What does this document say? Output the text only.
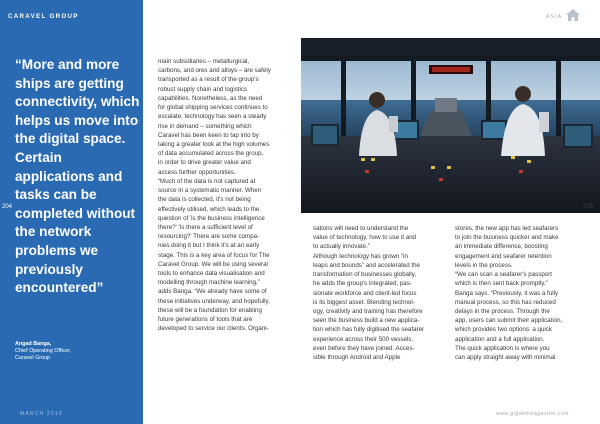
CARAVEL GROUP
“More and more ships are getting connectivity, which helps us move into the digital space. Certain applications and tasks can be completed without the network problems we previously encountered”
Angad Banga,
Chief Operating Officer,
Caravel Group
204
MARCH 2019

main subsidiaries – metallurgical,
carbons, and ores and alloys – are safely
transported as a result of the group's
robust supply chain and logistics
capabilities. Nonetheless, as the need
for global shipping services continues to
escalate, technology has seen a steady
rise in demand – something which
Caravel has been keen to tap into by
taking a greater look at the high volumes
of data accumulated across the group,
in order to drive greater value and
access further opportunities.
“Much of the data is not captured at
source in a systematic manner. When
the data is collected, it's not being
effectively utilised, which leads to the
question of 'is the business intelligence
there?' 'Is there a sufficient level of
resourcing?' There are some compa-
nies doing it but I think it's at an early
stage. This is a key area of focus for The
Caravel Group. We will be using several
tools to enhance data visualisation and
modelling through machine learning,”
adds Banga. “We already have some of
these initiatives underway, and hopefully,
these will be a foundation for enabling
future generations of tools that are
developed to service our clients. Organi-

sations will need to understand the
value of technology, how to use it and
to actually innovate.”
Although technology has grown “in
leaps and bounds” and accelerated the
transformation of businesses globally,
he adds the group's integrated, pas-
sionate workforce and client-led focus
is its biggest asset. Blending technol-
ogy, creativity and training has therefore
seen the business build a new applica-
tion which has fully digitised the seafarer
experience across their 500 vessels,
even before they have joined. Acces-
sible through Android and Apple

stores, the new app has led seafarers
to join the business quicker and make
an immediate difference, boosting
engagement and seafarer retention
levels in the process.
“We can scan a seafarer's passport
which is then sent back promptly,”
Banga says. “Previously, it was a fully
manual process, so this has reduced
delays in the process. Through the
app, users can submit their application,
which provides two options: a quick
application and a full application.
The quick application is where you
can apply straight away with minimal

205
ASIA
www.gigabitmagazine.com
